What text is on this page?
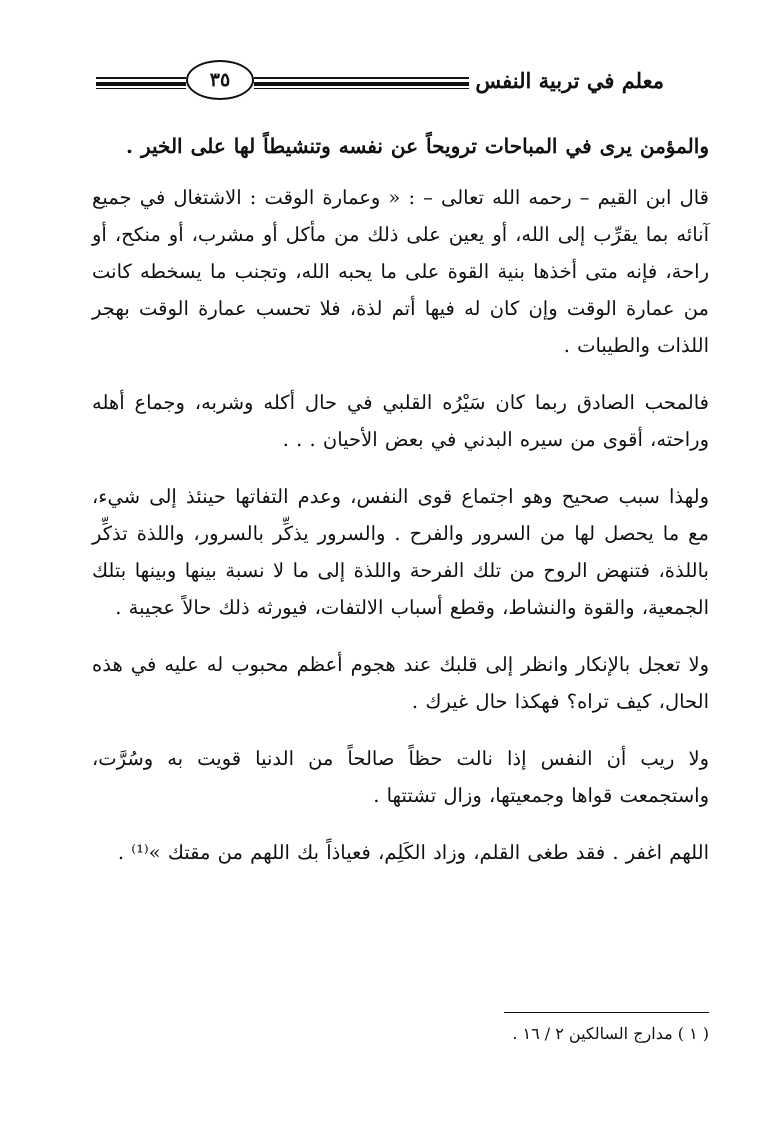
٣٥	معلم في تربية النفس

والمؤمن يرى في المباحات ترويحاً عن نفسه وتنشيطاً لها على الخير .

قال ابن القيم – رحمه الله تعالى – : « وعمارة الوقت : الاشتغال في جميع آنائه بما يقرِّب إلى الله، أو يعين على ذلك من مأكل أو مشرب، أو منكح، أو راحة، فإنه متى أخذها بنية القوة على ما يحبه الله، وتجنب ما يسخطه كانت من عمارة الوقت وإن كان له فيها أتم لذة، فلا تحسب عمارة الوقت بهجر اللذات والطيبات .

فالمحب الصادق ربما كان سَيْرُه القلبي في حال أكله وشربه، وجماع أهله وراحته، أقوى من سيره البدني في بعض الأحيان . . .

ولهذا سبب صحيح وهو اجتماع قوى النفس، وعدم التفاتها حينئذ إلى شيء، مع ما يحصل لها من السرور والفرح . والسرور يذكِّر بالسرور، واللذة تذكِّر باللذة، فتنهض الروح من تلك الفرحة واللذة إلى ما لا نسبة بينها وبينها بتلك الجمعية، والقوة والنشاط، وقطع أسباب الالتفات، فيورثه ذلك حالاً عجيبة .

ولا تعجل بالإنكار وانظر إلى قلبك عند هجوم أعظم محبوب له عليه في هذه الحال، كيف تراه؟ فهكذا حال غيرك .

ولا ريب أن النفس إذا نالت حظاً صالحاً من الدنيا قويت به وسُرَّت، واستجمعت قواها وجمعيتها، وزال تشتتها .

اللهم اغفر . فقد طغى القلم، وزاد الكَلِم، فعياذاً بك اللهم من مقتك »⁽¹⁾ .

( ١ ) مدارج السالكين ٢ / ١٦ .
